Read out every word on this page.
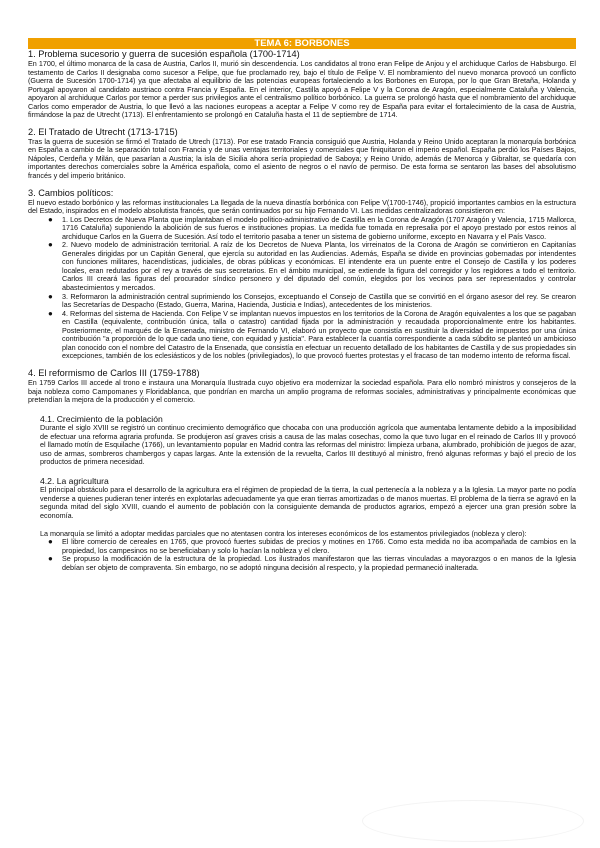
TEMA 6: BORBONES
1. Problema sucesorio y guerra de sucesión española (1700-1714)

En 1700, el último monarca de la casa de Austria, Carlos II, murió sin descendencia. Los candidatos al trono eran Felipe de Anjou y el archiduque Carlos de Habsburgo. El testamento de Carlos II designaba como sucesor a Felipe, que fue proclamado rey, bajo el título de Felipe V. El nombramiento del nuevo monarca provocó un conflicto (Guerra de Sucesión 1700-1714) ya que afectaba al equilibrio de las potencias europeas fortaleciendo a los Borbones en Europa, por lo que Gran Bretaña, Holanda y Portugal apoyaron al candidato austriaco contra Francia y España. En el interior, Castilla apoyó a Felipe V y la Corona de Aragón, especialmente Cataluña y Valencia, apoyaron al archiduque Carlos por temor a perder sus privilegios ante el centralismo político borbónico. La guerra se prolongó hasta que el nombramiento del archiduque Carlos como emperador de Austria, lo que llevó a las naciones europeas a aceptar a Felipe V como rey de España para evitar el fortalecimiento de la casa de Austria, firmándose la paz de Utrecht (1713). El enfrentamiento se prolongó en Cataluña hasta el 11 de septiembre de 1714.

2. El Tratado de Utrecht (1713-1715)

Tras la guerra de sucesión se firmó el Tratado de Utrech (1713). Por ese tratado Francia consiguió que Austria, Holanda y Reino Unido aceptaran la monarquía borbónica en España a cambio de la separación total con Francia y de unas ventajas territoriales y comerciales que finiquitaron el imperio español. España perdió los Países Bajos, Nápoles, Cerdeña y Milán, que pasarían a Austria; la isla de Sicilia ahora sería propiedad de Saboya; y Reino Unido, además de Menorca y Gibraltar, se quedaría con importantes derechos comerciales sobre la América española, como el asiento de negros o el navío de permiso. De esta forma se sentaron las bases del absolutismo francés y del imperio británico.

3. Cambios políticos:

El nuevo estado borbónico y las reformas institucionales La llegada de la nueva dinastía borbónica con Felipe V(1700-1746), propició importantes cambios en la estructura del Estado, inspirados en el modelo absolutista francés, que serán continuados por su hijo Fernando VI. Las medidas centralizadoras consistieron en:

● 1. Los Decretos de Nueva Planta que implantaban el modelo político-administrativo de Castilla en la Corona de Aragón (1707 Aragón y Valencia, 1715 Mallorca, 1716 Cataluña) suponiendo la abolición de sus fueros e instituciones propias. La medida fue tomada en represalia por el apoyo prestado por estos reinos al archiduque Carlos en la Guerra de Sucesión. Así todo el territorio pasaba a tener un sistema de gobierno uniforme, excepto en Navarra y el País Vasco.
● 2. Nuevo modelo de administración territorial. A raíz de los Decretos de Nueva Planta, los virreinatos de la Corona de Aragón se convirtieron en Capitanías Generales dirigidas por un Capitán General, que ejercía su autoridad en las Audiencias. Además, España se divide en provincias gobernadas por intendentes con funciones militares, hacendísticas, judiciales, de obras públicas y económicas. El intendente era un puente entre el Consejo de Castilla y los poderes locales, eran redutados por el rey a través de sus secretarios. En el ámbito municipal, se extiende la figura del corregidor y los regidores a todo el territorio. Carlos III creará las figuras del procurador síndico personero y del diputado del común, elegidos por los vecinos para ser representados y controlar abastecimientos y mercados.
● 3. Reformaron la administración central suprimiendo los Consejos, exceptuando el Consejo de Castilla que se convirtió en el órgano asesor del rey. Se crearon las Secretarías de Despacho (Estado, Guerra, Marina, Hacienda, Justicia e Indias), antecedentes de los ministerios.
● 4. Reformas del sistema de Hacienda. Con Felipe V se implantan nuevos impuestos en los territorios de la Corona de Aragón equivalentes a los que se pagaban en Castilla (equivalente, contribución única, talla o catastro) cantidad fijada por la administración y recaudada proporcionalmente entre los habitantes. Posteriormente, el marqués de la Ensenada, ministro de Fernando VI, elaboró un proyecto que consistía en sustituir la diversidad de impuestos por una única contribución "a proporción de lo que cada uno tiene, con equidad y justicia". Para establecer la cuantía correspondiente a cada súbdito se planteó un ambicioso plan conocido con el nombre del Catastro de la Ensenada, que consistía en efectuar un recuento detallado de los habitantes de Castilla y de sus propiedades sin excepciones, también de los eclesiásticos y de los nobles (privilegiados), lo que provocó fuertes protestas y el fracaso de tan moderno intento de reforma fiscal.
4. El reformismo de Carlos III (1759-1788)

En 1759 Carlos III accede al trono e instaura una Monarquía Ilustrada cuyo objetivo era modernizar la sociedad española. Para ello nombró ministros y consejeros de la baja nobleza como Campomanes y Floridablanca, que pondrían en marcha un amplio programa de reformas sociales, administrativas y principalmente económicas que pretendían la mejora de la producción y el comercio.

4.1. Crecimiento de la población

Durante el siglo XVIII se registró un continuo crecimiento demográfico que chocaba con una producción agrícola que aumentaba lentamente debido a la imposibilidad de efectuar una reforma agraria profunda. Se produjeron así graves crisis a causa de las malas cosechas, como la que tuvo lugar en el reinado de Carlos III y provocó el llamado motín de Esquilache (1766), un levantamiento popular en Madrid contra las reformas del ministro: limpieza urbana, alumbrado, prohibición de juegos de azar, uso de armas, sombreros chambergos y capas largas. Ante la extensión de la revuelta, Carlos III destituyó al ministro, frenó algunas reformas y bajó el precio de los productos de primera necesidad.

4.2. La agricultura

El principal obstáculo para el desarrollo de la agricultura era el régimen de propiedad de la tierra, la cual pertenecía a la nobleza y a la Iglesia. La mayor parte no podía venderse a quienes pudieran tener interés en explotarlas adecuadamente ya que eran tierras amortizadas o de manos muertas. El problema de la tierra se agravó en la segunda mitad del siglo XVIII, cuando el aumento de población con la consiguiente demanda de productos agrarios, empezó a ejercer una gran presión sobre la economía.

La monarquía se limitó a adoptar medidas parciales que no atentasen contra los intereses económicos de los estamentos privilegiados (nobleza y clero):

● El libre comercio de cereales en 1765, que provocó fuertes subidas de precios y motines en 1766. Como esta medida no iba acompañada de cambios en la propiedad, los campesinos no se beneficiaban y solo lo hacían la nobleza y el clero.
● Se propuso la modificación de la estructura de la propiedad. Los ilustrados manifestaron que las tierras vinculadas a mayorazgos o en manos de la Iglesia debían ser objeto de compraventa. Sin embargo, no se adoptó ninguna decisión al respecto, y la propiedad permaneció inalterada.
